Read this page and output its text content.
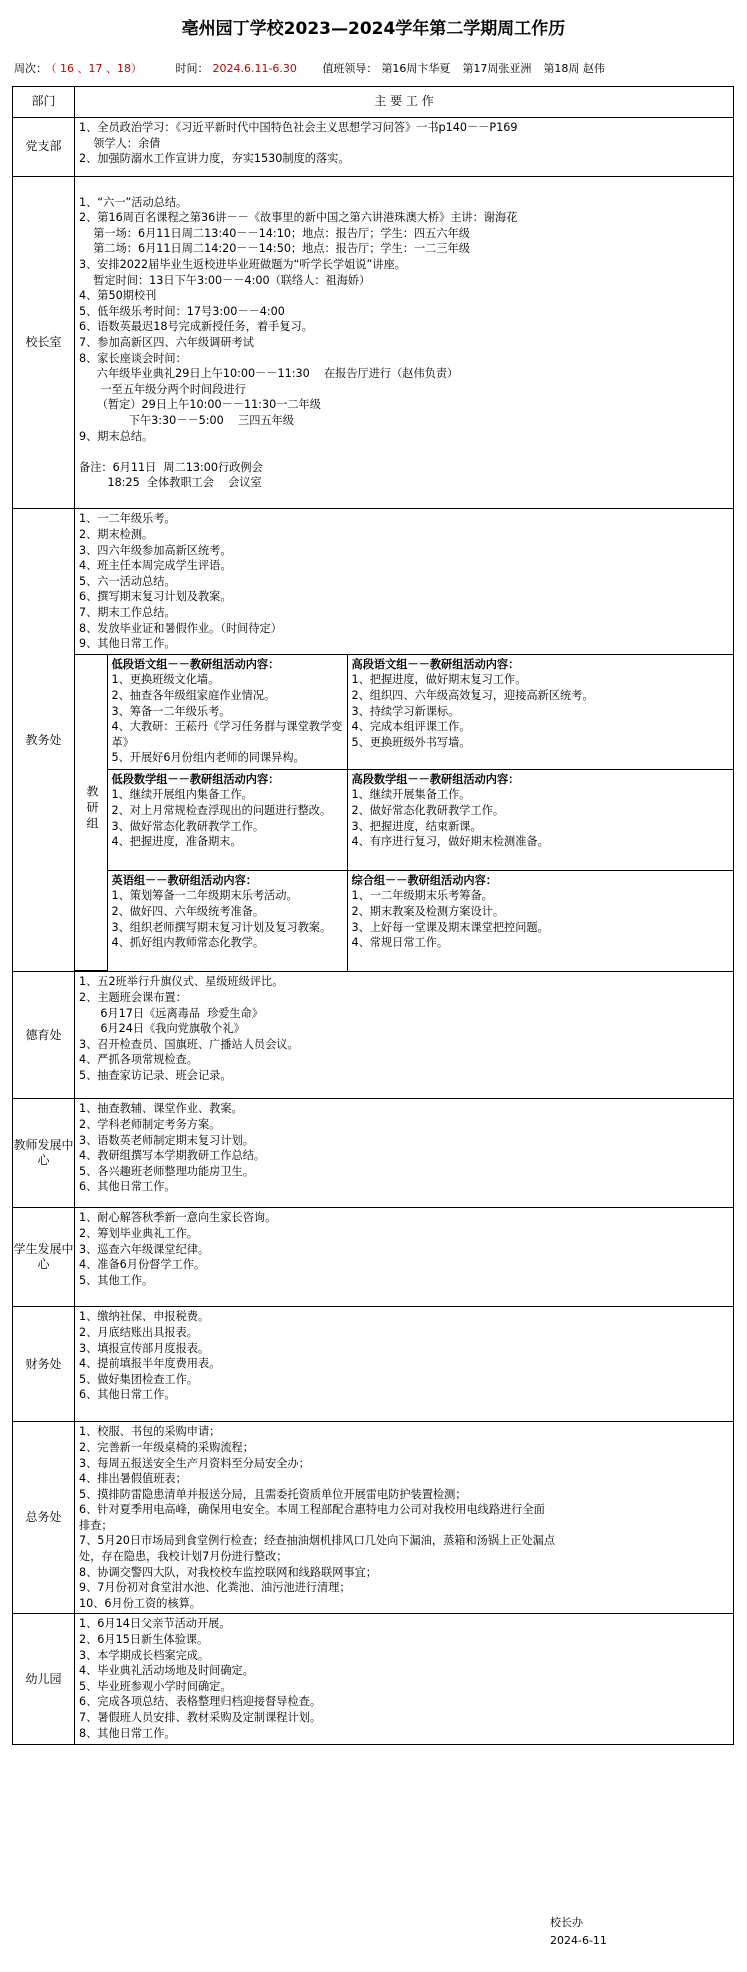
亳州园丁学校2023—2024学年第二学期周工作历
周次： （ 16 、17 、18）	时间： 2024.6.11-6.30 值班领导： 第16周卞华夏 第17周张亚洲 第18周 赵伟
部门	主 要 工 作
党支部	
1、全员政治学习：《习近平新时代中国特色社会主义思想学习问答》一书p140－－P169
领学人：余倩
2、加强防溺水工作宣讲力度，夯实1530制度的落实。

校长室	

1、“六一”活动总结。
2、第16周百名课程之第36讲－－《故事里的新中国之第六讲港珠澳大桥》主讲：谢海花
第一场：6月11日周二13:40－－14:10；地点：报告厅；学生：四五六年级
第二场：6月11日周二14:20－－14:50；地点：报告厅；学生：一二三年级
3、安排2022届毕业生返校进毕业班做题为“听学长学姐说”讲座。
暂定时间：13日下午3:00－－4:00（联络人：祖海娇）
4、第50期校刊
5、低年级乐考时间：17号3:00－－4:00
6、语数英最迟18号完成新授任务，着手复习。
7、参加高新区四、六年级调研考试
8、家长座谈会时间：
六年级毕业典礼29日上午10:00－－11:30    在报告厅进行（赵伟负责）
一至五年级分两个时间段进行
（暂定）29日上午10:00－－11:30一二年级
下午3:30－－5:00    三四五年级
9、期末总结。

备注：6月11日  周二13:00行政例会
18:25  全体教职工会    会议室

教务处	
1、一二年级乐考。
2、期末检测。
3、四六年级参加高新区统考。
4、班主任本周完成学生评语。
5、六一活动总结。
6、撰写期末复习计划及教案。
7、期末工作总结。
8、发放毕业证和暑假作业。（时间待定）
9、其他日常工作。
教研组	
低段语文组－－教研组活动内容：
1、更换班级文化墙。
2、抽查各年级组家庭作业情况。
3、筹备一二年级乐考。
4、大教研：王菘丹《学习任务群与课堂教学变革》
5、开展好6月份组内老师的同课异构。

高段语文组－－教研组活动内容：
1、把握进度，做好期末复习工作。
2、组织四、六年级高效复习，迎接高新区统考。
3、持续学习新课标。
4、完成本组评课工作。
5、更换班级外书写墙。

低段数学组－－教研组活动内容：
1、继续开展组内集备工作。
2、对上月常规检查浮现出的问题进行整改。
3、做好常态化教研教学工作。
4、把握进度，准备期末。

高段数学组－－教研组活动内容：
1、继续开展集备工作。
2、做好常态化教研教学工作。
3、把握进度，结束新课。
4、有序进行复习，做好期末检测准备。

英语组－－教研组活动内容：
1、策划筹备一二年级期末乐考活动。
2、做好四、六年级统考准备。
3、组织老师撰写期末复习计划及复习教案。
4、抓好组内教师常态化教学。

综合组－－教研组活动内容：
1、一二年级期末乐考筹备。
2、期末教案及检测方案设计。
3、上好每一堂课及期末课堂把控问题。
4、常规日常工作。

德育处	
1、五2班举行升旗仪式、星级班级评比。
2、主题班会课布置：
6月17日《远离毒品  珍爱生命》
6月24日《我向党旗敬个礼》
3、召开检查员、国旗班、广播站人员会议。
4、严抓各项常规检查。
5、抽查家访记录、班会记录。

教师发展中心	
1、抽查教辅、课堂作业、教案。
2、学科老师制定考务方案。
3、语数英老师制定期末复习计划。
4、教研组撰写本学期教研工作总结。
5、各兴趣班老师整理功能房卫生。
6、其他日常工作。

学生发展中心	
1、耐心解答秋季新一意向生家长咨询。
2、筹划毕业典礼工作。
3、巡查六年级课堂纪律。
4、准备6月份督学工作。
5、其他工作。

财务处	
1、缴纳社保、申报税费。
2、月底结账出具报表。
3、填报宣传部月度报表。
4、提前填报半年度费用表。
5、做好集团检查工作。
6、其他日常工作。

总务处	
1、校服、书包的采购申请；
2、完善新一年级桌椅的采购流程；
3、每周五报送安全生产月资料至分局安全办；
4、排出暑假值班表；
5、摸排防雷隐患清单并报送分局，且需委托资质单位开展雷电防护装置检测；
6、针对夏季用电高峰，确保用电安全。本周工程部配合惠特电力公司对我校用电线路进行全面
排查；
7、5月20日市场局到食堂例行检查；经查抽油烟机排风口几处向下漏油，蒸箱和汤锅上正处漏点
处，存在隐患，我校计划7月份进行整改；
8、协调交警四大队，对我校校车监控联网和线路联网事宜；
9、7月份初对食堂泔水池、化粪池、油污池进行清理；
10、6月份工资的核算。

幼儿园	
1、6月14日父亲节活动开展。
2、6月15日新生体验课。
3、本学期成长档案完成。
4、毕业典礼活动场地及时间确定。
5、毕业班参观小学时间确定。
6、完成各项总结、表格整理归档迎接督导检查。
7、暑假班人员安排、教材采购及定制课程计划。
8、其他日常工作。
校长办
2024-6-11
